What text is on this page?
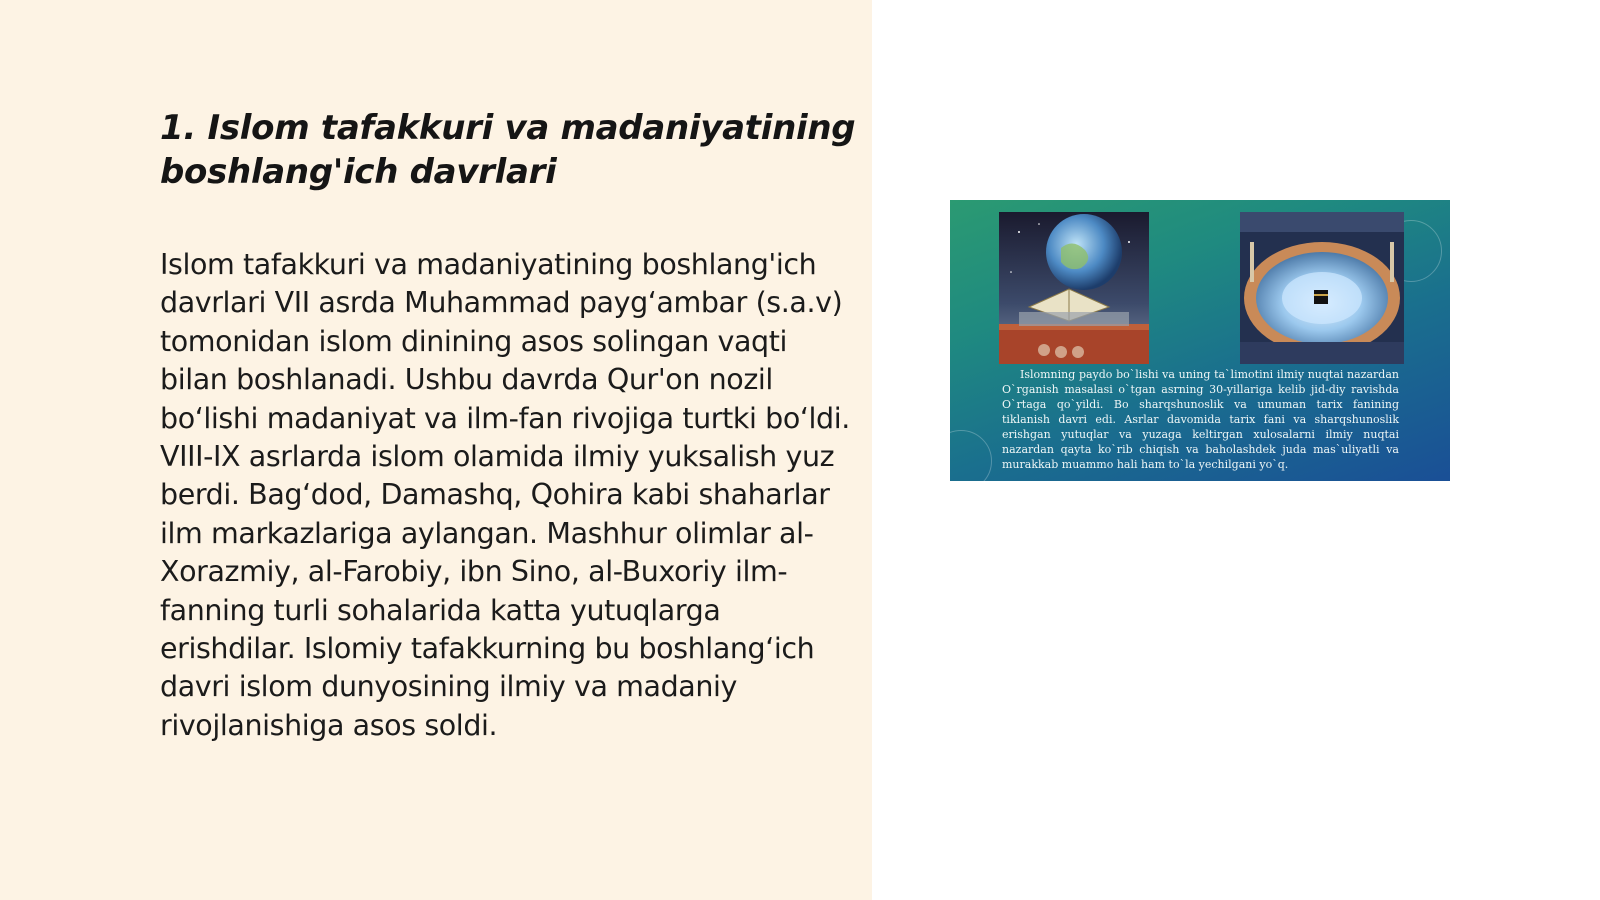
1. Islom tafakkuri va madaniyatining boshlang'ich davrlari

Islom tafakkuri va madaniyatining boshlang'ich davrlari VII asrda Muhammad payg‘ambar (s.a.v) tomonidan islom dinining asos solingan vaqti bilan boshlanadi. Ushbu davrda Qur'on nozil bo‘lishi madaniyat va ilm-fan rivojiga turtki bo‘ldi. VIII-IX asrlarda islom olamida ilmiy yuksalish yuz berdi. Bag‘dod, Damashq, Qohira kabi shaharlar ilm markazlariga aylangan. Mashhur olimlar al-Xorazmiy, al-Farobiy, ibn Sino, al-Buxoriy ilm-fanning turli sohalarida katta yutuqlarga erishdilar. Islomiy tafakkurning bu boshlang‘ich davri islom dunyosining ilmiy va madaniy rivojlanishiga asos soldi.

Islomning paydo bo`lishi va uning ta`limotini ilmiy nuqtai nazardan O`rganish masalasi o`tgan asrning 30-yillariga kelib jid-diy ravishda O`rtaga qo`yildi. Bo sharqshunoslik va umuman tarix fanining tiklanish davri edi. Asrlar davomida tarix fani va sharqshunoslik erishgan yutuqlar va yuzaga keltirgan xulosalarni ilmiy nuqtai nazardan qayta ko`rib chiqish va baholashdek juda mas`uliyatli va murakkab muammo hali ham to`la yechilgani yo`q.
